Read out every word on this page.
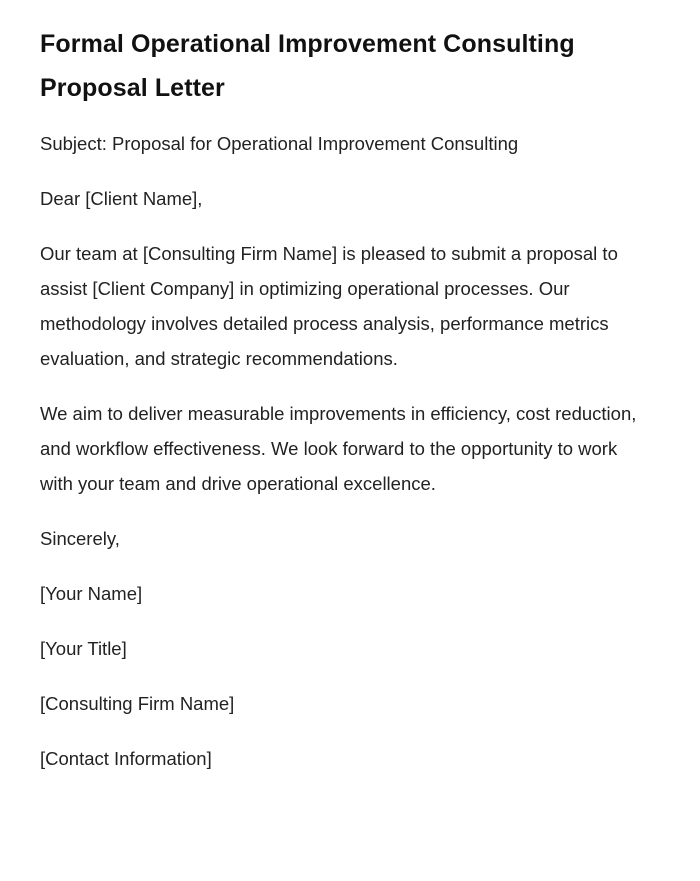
Formal Operational Improvement Consulting Proposal Letter

Subject: Proposal for Operational Improvement Consulting

Dear [Client Name],

Our team at [Consulting Firm Name] is pleased to submit a proposal to assist [Client Company] in optimizing operational processes. Our methodology involves detailed process analysis, performance metrics evaluation, and strategic recommendations.

We aim to deliver measurable improvements in efficiency, cost reduction, and workflow effectiveness. We look forward to the opportunity to work with your team and drive operational excellence.

Sincerely,

[Your Name]

[Your Title]

[Consulting Firm Name]

[Contact Information]
